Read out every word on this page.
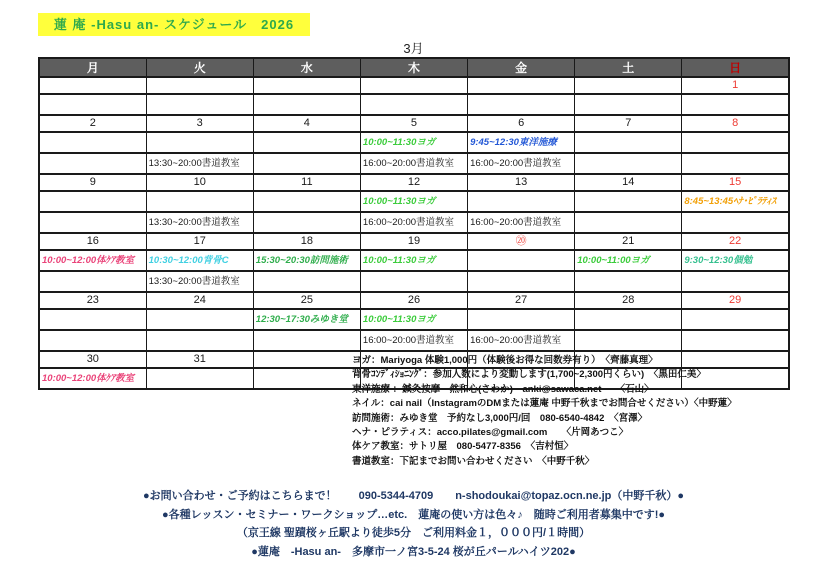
蓮 庵 -Hasu an- スケジュール　2026
3月
月	火	水	木	金	土	日
						1

2	3	4	5	6	7	8
			10:00~11:30ヨガ	9:45~12:30東洋施療		
	13:30~20:00書道教室		16:00~20:00書道教室	16:00~20:00書道教室		
9	10	11	12	13	14	15
			10:00~11:30ヨガ			8:45~13:45ﾍﾅ･ﾋﾟﾗﾃｨｽ
	13:30~20:00書道教室		16:00~20:00書道教室	16:00~20:00書道教室		
16	17	18	19	⑳	21	22
10:00~12:00体ｹｱ教室	10:30~12:00背骨C	15:30~20:30訪問施術	10:00~11:30ヨガ		10:00~11:00ヨガ	9:30~12:30個勉
	13:30~20:00書道教室					
23	24	25	26	27	28	29
		12:30~17:30みゆき堂	10:00~11:30ヨガ			
			16:00~20:00書道教室	16:00~20:00書道教室		
30	31					
10:00~12:00体ｹｱ教室						
ヨガ：Mariyoga 体験1,000円（体験後お得な回数券有り）　〈齊藤真理〉
背骨ｺﾝﾃﾞｨｼｮﾆﾝｸﾞ：参加人数により変動します(1,700~2,300円くらい)　〈黒田仁美〉
東洋施療 ：鍼灸按摩　然和心(さわか)　anki@sawaca.net　　〈石山〉
ネイル：cai nail（InstagramのDMまたは蓮庵 中野千秋までお問合せください）〈中野蓮〉
訪問施術：みゆき堂　予約なし3,000円/回　080-6540-4842　〈宮澤〉
ヘナ・ピラティス：acco.pilates@gmail.com　　〈片岡あつこ〉
体ケア教室：サトリ屋　080-5477-8356　〈吉村恒〉
書道教室：下記までお問い合わせください　〈中野千秋〉
●お問い合わせ・ご予約はこちらまで！　　090-5344-4709　　n-shodoukai@topaz.ocn.ne.jp（中野千秋）●
●各種レッスン・セミナー・ワークショップ…etc.　蓮庵の使い方は色々♪　随時ご利用者募集中です!●
（京王線 聖蹟桜ヶ丘駅より徒歩5分　ご利用料金１，０００円/１時間）
●蓮庵　-Hasu an-　多摩市一ノ宮3-5-24 桜が丘パールハイツ202●
